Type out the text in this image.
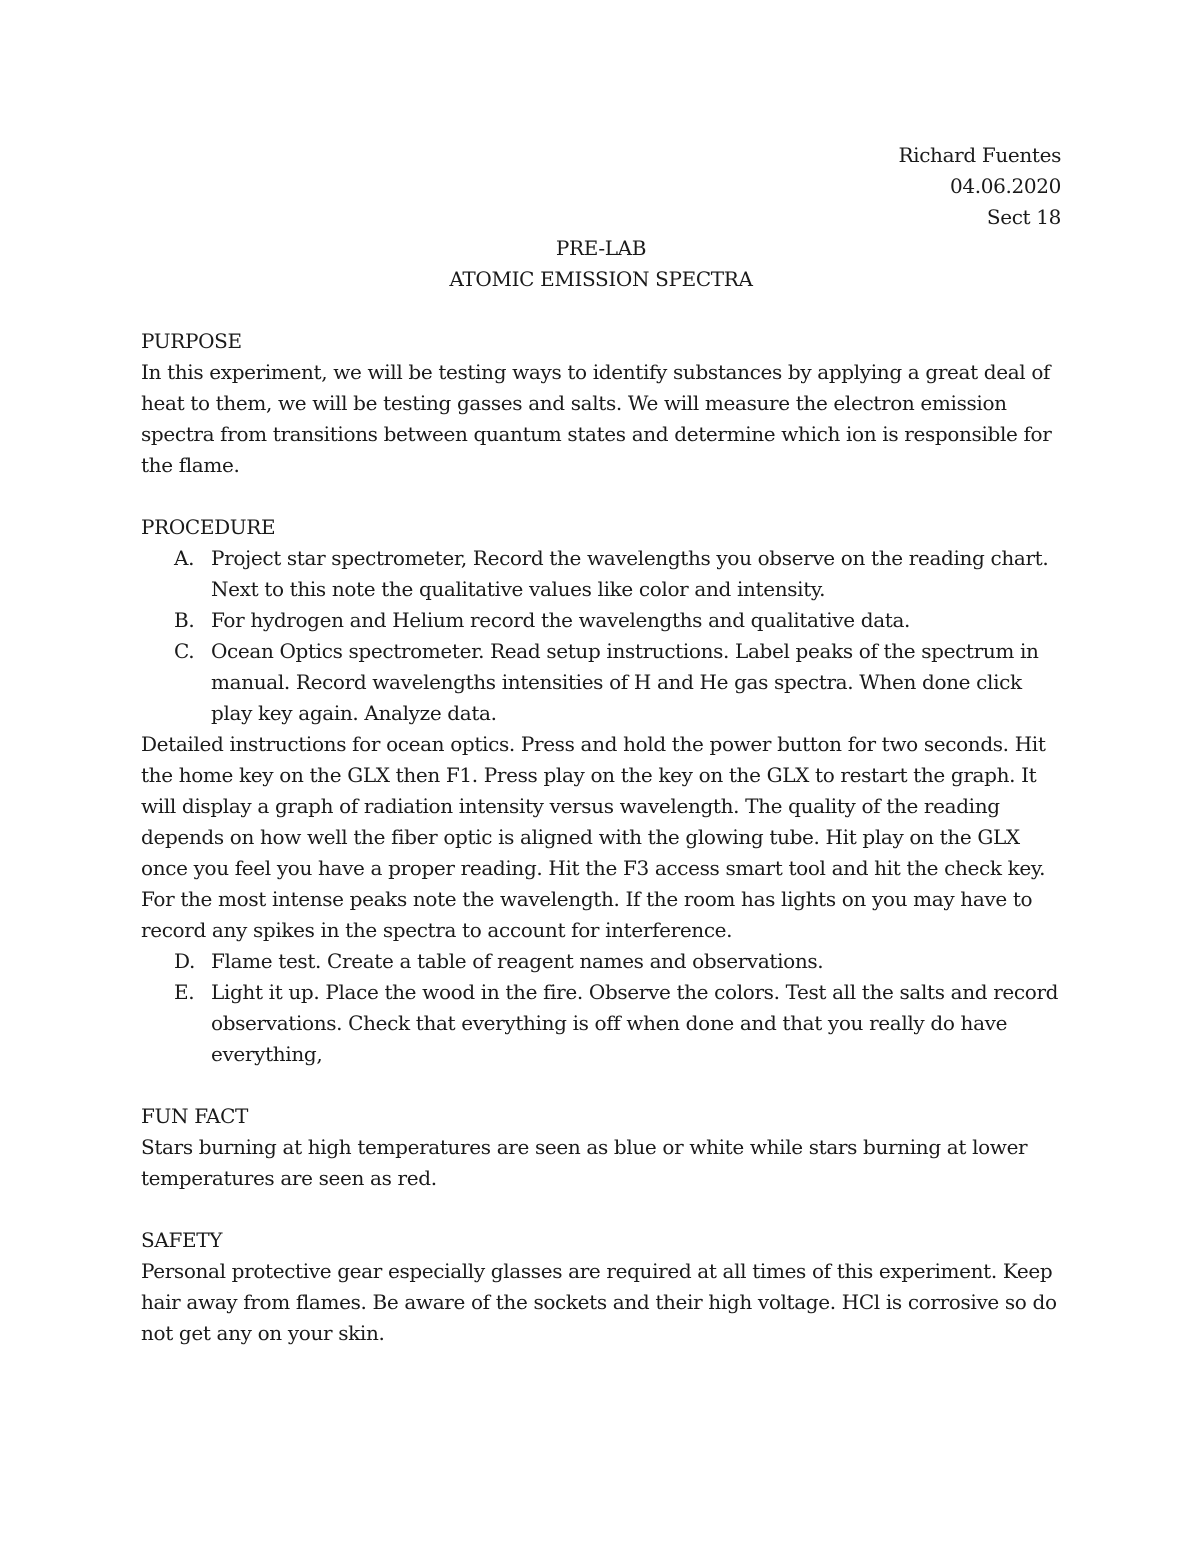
Richard Fuentes

04.06.2020

Sect 18

PRE-LAB

ATOMIC EMISSION SPECTRA

PURPOSE

In this experiment, we will be testing ways to identify substances by applying a great deal of heat to them, we will be testing gasses and salts. We will measure the electron emission spectra from transitions between quantum states and determine which ion is responsible for the flame.

PROCEDURE

A. Project star spectrometer, Record the wavelengths you observe on the reading chart. Next to this note the qualitative values like color and intensity.
B. For hydrogen and Helium record the wavelengths and qualitative data.
C. Ocean Optics spectrometer. Read setup instructions. Label peaks of the spectrum in manual. Record wavelengths intensities of H and He gas spectra. When done click play key again. Analyze data.

Detailed instructions for ocean optics. Press and hold the power button for two seconds. Hit the home key on the GLX then F1. Press play on the key on the GLX to restart the graph. It will display a graph of radiation intensity versus wavelength. The quality of the reading depends on how well the fiber optic is aligned with the glowing tube. Hit play on the GLX once you feel you have a proper reading. Hit the F3 access smart tool and hit the check key. For the most intense peaks note the wavelength. If the room has lights on you may have to record any spikes in the spectra to account for interference.

D. Flame test. Create a table of reagent names and observations.
E. Light it up. Place the wood in the fire. Observe the colors. Test all the salts and record observations. Check that everything is off when done and that you really do have everything,

FUN FACT

Stars burning at high temperatures are seen as blue or white while stars burning at lower temperatures are seen as red.

SAFETY

Personal protective gear especially glasses are required at all times of this experiment. Keep hair away from flames. Be aware of the sockets and their high voltage. HCl is corrosive so do not get any on your skin.
